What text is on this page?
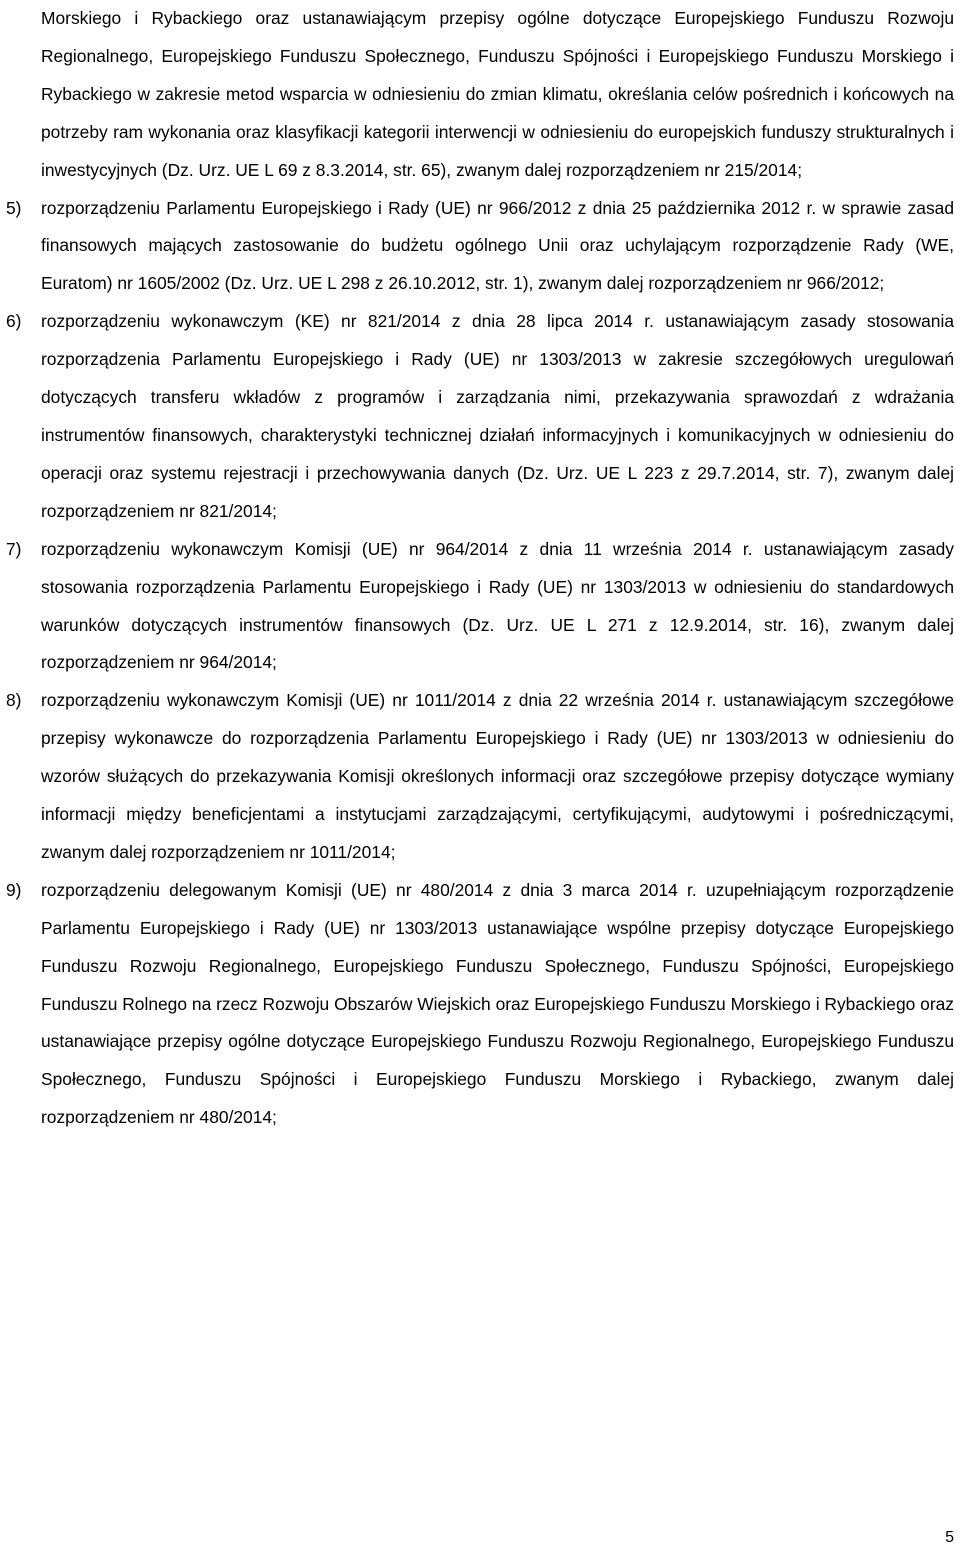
Morskiego i Rybackiego oraz ustanawiającym przepisy ogólne dotyczące Europejskiego Funduszu Rozwoju Regionalnego, Europejskiego Funduszu Społecznego, Funduszu Spójności i Europejskiego Funduszu Morskiego i Rybackiego w zakresie metod wsparcia w odniesieniu do zmian klimatu, określania celów pośrednich i końcowych na potrzeby ram wykonania oraz klasyfikacji kategorii interwencji w odniesieniu do europejskich funduszy strukturalnych i inwestycyjnych (Dz. Urz. UE L 69 z 8.3.2014, str. 65), zwanym dalej rozporządzeniem nr 215/2014;
5) rozporządzeniu Parlamentu Europejskiego i Rady (UE) nr 966/2012 z dnia 25 października 2012 r. w sprawie zasad finansowych mających zastosowanie do budżetu ogólnego Unii oraz uchylającym rozporządzenie Rady (WE, Euratom) nr 1605/2002 (Dz. Urz. UE L 298 z 26.10.2012, str. 1), zwanym dalej rozporządzeniem nr 966/2012;
6) rozporządzeniu wykonawczym (KE) nr 821/2014 z dnia 28 lipca 2014 r. ustanawiającym zasady stosowania rozporządzenia Parlamentu Europejskiego i Rady (UE) nr 1303/2013 w zakresie szczegółowych uregulowań dotyczących transferu wkładów z programów i zarządzania nimi, przekazywania sprawozdań z wdrażania instrumentów finansowych, charakterystyki technicznej działań informacyjnych i komunikacyjnych w odniesieniu do operacji oraz systemu rejestracji i przechowywania danych (Dz. Urz. UE L 223 z 29.7.2014, str. 7), zwanym dalej rozporządzeniem nr 821/2014;
7) rozporządzeniu wykonawczym Komisji (UE) nr 964/2014 z dnia 11 września 2014 r. ustanawiającym zasady stosowania rozporządzenia Parlamentu Europejskiego i Rady (UE) nr 1303/2013 w odniesieniu do standardowych warunków dotyczących instrumentów finansowych (Dz. Urz. UE L 271 z 12.9.2014, str. 16), zwanym dalej rozporządzeniem nr 964/2014;
8) rozporządzeniu wykonawczym Komisji (UE) nr 1011/2014 z dnia 22 września 2014 r. ustanawiającym szczegółowe przepisy wykonawcze do rozporządzenia Parlamentu Europejskiego i Rady (UE) nr 1303/2013 w odniesieniu do wzorów służących do przekazywania Komisji określonych informacji oraz szczegółowe przepisy dotyczące wymiany informacji między beneficjentami a instytucjami zarządzającymi, certyfikującymi, audytowymi i pośredniczącymi, zwanym dalej rozporządzeniem nr 1011/2014;
9) rozporządzeniu delegowanym Komisji (UE) nr 480/2014 z dnia 3 marca 2014 r. uzupełniającym rozporządzenie Parlamentu Europejskiego i Rady (UE) nr 1303/2013 ustanawiające wspólne przepisy dotyczące Europejskiego Funduszu Rozwoju Regionalnego, Europejskiego Funduszu Społecznego, Funduszu Spójności, Europejskiego Funduszu Rolnego na rzecz Rozwoju Obszarów Wiejskich oraz Europejskiego Funduszu Morskiego i Rybackiego oraz ustanawiające przepisy ogólne dotyczące Europejskiego Funduszu Rozwoju Regionalnego, Europejskiego Funduszu Społecznego, Funduszu Spójności i Europejskiego Funduszu Morskiego i Rybackiego, zwanym dalej rozporządzeniem nr 480/2014;
5
